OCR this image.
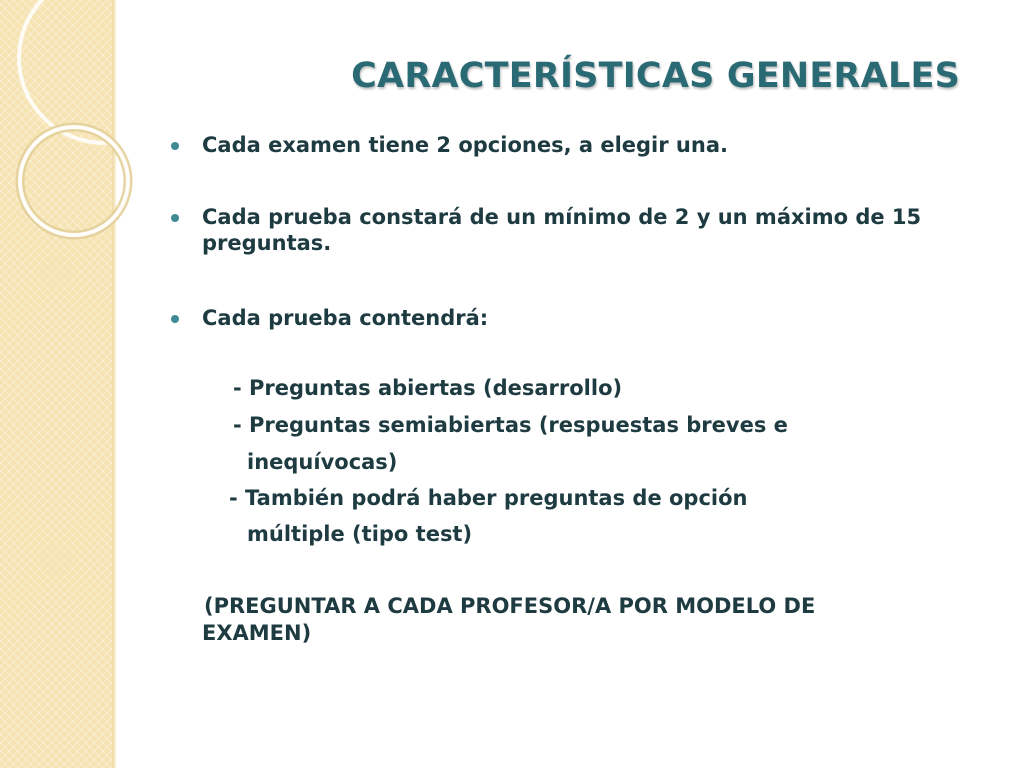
CARACTERÍSTICAS GENERALES
Cada examen tiene 2 opciones, a elegir una.
Cada prueba constará de un mínimo de 2 y un máximo de 15 preguntas.
Cada prueba contendrá:
- Preguntas abiertas (desarrollo)
- Preguntas semiabiertas (respuestas breves e
inequívocas)
- También podrá haber preguntas de opción
múltiple (tipo test)
(PREGUNTAR A CADA PROFESOR/A POR MODELO DE
EXAMEN)
